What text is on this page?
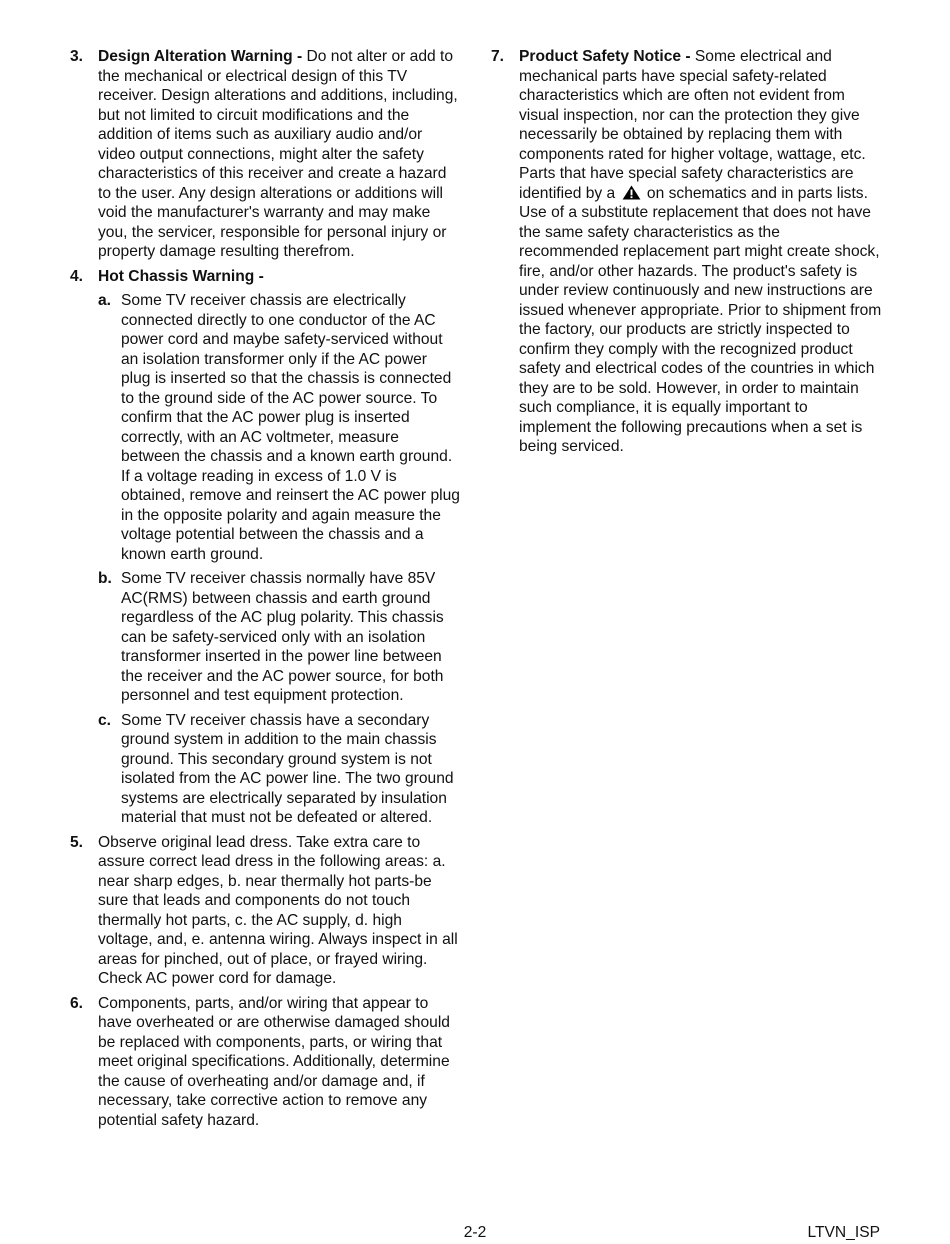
3. Design Alteration Warning - Do not alter or add to the mechanical or electrical design of this TV receiver. Design alterations and additions, including, but not limited to circuit modifications and the addition of items such as auxiliary audio and/or video output connections, might alter the safety characteristics of this receiver and create a hazard to the user. Any design alterations or additions will void the manufacturer's warranty and may make you, the servicer, responsible for personal injury or property damage resulting therefrom.
4. Hot Chassis Warning -
a. Some TV receiver chassis are electrically connected directly to one conductor of the AC power cord and maybe safety-serviced without an isolation transformer only if the AC power plug is inserted so that the chassis is connected to the ground side of the AC power source. To confirm that the AC power plug is inserted correctly, with an AC voltmeter, measure between the chassis and a known earth ground. If a voltage reading in excess of 1.0 V is obtained, remove and reinsert the AC power plug in the opposite polarity and again measure the voltage potential between the chassis and a known earth ground.
b. Some TV receiver chassis normally have 85V AC(RMS) between chassis and earth ground regardless of the AC plug polarity. This chassis can be safety-serviced only with an isolation transformer inserted in the power line between the receiver and the AC power source, for both personnel and test equipment protection.
c. Some TV receiver chassis have a secondary ground system in addition to the main chassis ground. This secondary ground system is not isolated from the AC power line. The two ground systems are electrically separated by insulation material that must not be defeated or altered.
5. Observe original lead dress. Take extra care to assure correct lead dress in the following areas: a. near sharp edges, b. near thermally hot parts-be sure that leads and components do not touch thermally hot parts, c. the AC supply, d. high voltage, and, e. antenna wiring. Always inspect in all areas for pinched, out of place, or frayed wiring. Check AC power cord for damage.
6. Components, parts, and/or wiring that appear to have overheated or are otherwise damaged should be replaced with components, parts, or wiring that meet original specifications. Additionally, determine the cause of overheating and/or damage and, if necessary, take corrective action to remove any potential safety hazard.
7. Product Safety Notice - Some electrical and mechanical parts have special safety-related characteristics which are often not evident from visual inspection, nor can the protection they give necessarily be obtained by replacing them with components rated for higher voltage, wattage, etc. Parts that have special safety characteristics are identified by a on schematics and in parts lists. Use of a substitute replacement that does not have the same safety characteristics as the recommended replacement part might create shock, fire, and/or other hazards. The product's safety is under review continuously and new instructions are issued whenever appropriate. Prior to shipment from the factory, our products are strictly inspected to confirm they comply with the recognized product safety and electrical codes of the countries in which they are to be sold. However, in order to maintain such compliance, it is equally important to implement the following precautions when a set is being serviced.
2-2	LTVN_ISP
